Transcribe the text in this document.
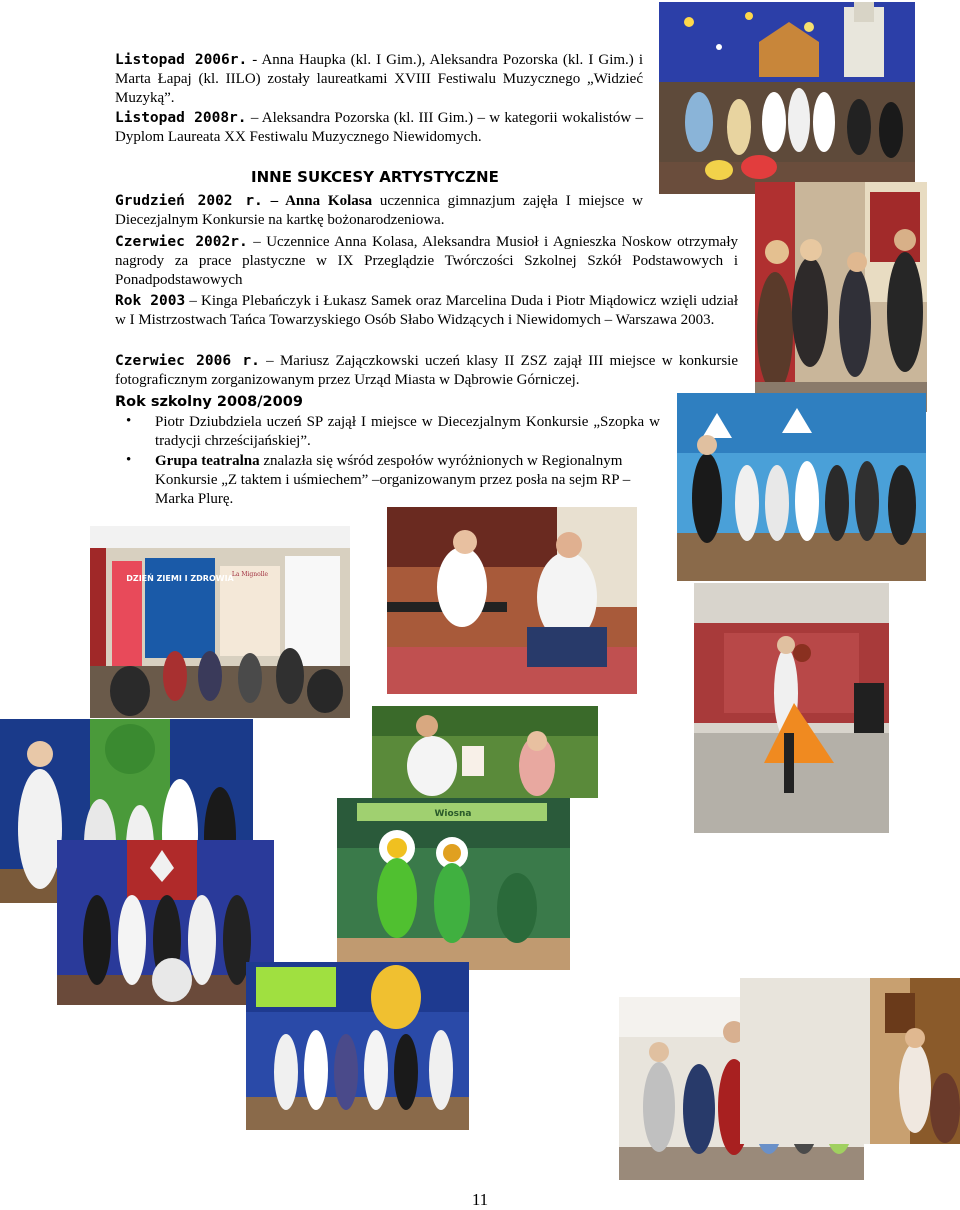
Listopad 2006r. - Anna Haupka (kl. I Gim.), Aleksandra Pozorska (kl. I Gim.) i Marta Łapaj (kl. IILO) zostały laureatkami XVIII Festiwalu Muzycznego „Widzieć Muzyką”.
Listopad 2008r. – Aleksandra Pozorska (kl. III Gim.) – w kategorii wokalistów – Dyplom Laureata XX Festiwalu Muzycznego Niewidomych.
INNE SUKCESY ARTYSTYCZNE
Grudzień 2002 r. – Anna Kolasa uczennica gimnazjum zajęła I miejsce w Diecezjalnym Konkursie na kartkę bożonarodzeniowa.
Czerwiec 2002r. – Uczennice Anna Kolasa, Aleksandra Musioł i Agnieszka Noskow otrzymały nagrody za prace plastyczne w IX Przeglądzie Twórczości Szkolnej Szkół Podstawowych i Ponadpodstawowych
Rok 2003 – Kinga Plebańczyk i Łukasz Samek oraz Marcelina Duda i Piotr Miądowicz wzięli udział w I Mistrzostwach Tańca Towarzyskiego Osób Słabo Widzących i Niewidomych – Warszawa 2003.
Czerwiec 2006 r. – Mariusz Zajączkowski uczeń klasy II ZSZ zajął III miejsce w konkursie fotograficznym zorganizowanym przez Urząd Miasta w Dąbrowie Górniczej.
Rok szkolny 2008/2009
• Piotr Dziubdziela uczeń SP zajął I miejsce w Diecezjalnym Konkursie „Szopka w tradycji chrześcijańskiej”.
• Grupa teatralna znalazła się wśród zespołów wyróżnionych w Regionalnym Konkursie „Z taktem i uśmiechem” –organizowanym przez posła na sejm RP – Marka Plurę.
DZIEŃ ZIEMI I ZDROWIA
La Mignolle
Wiosna
11
